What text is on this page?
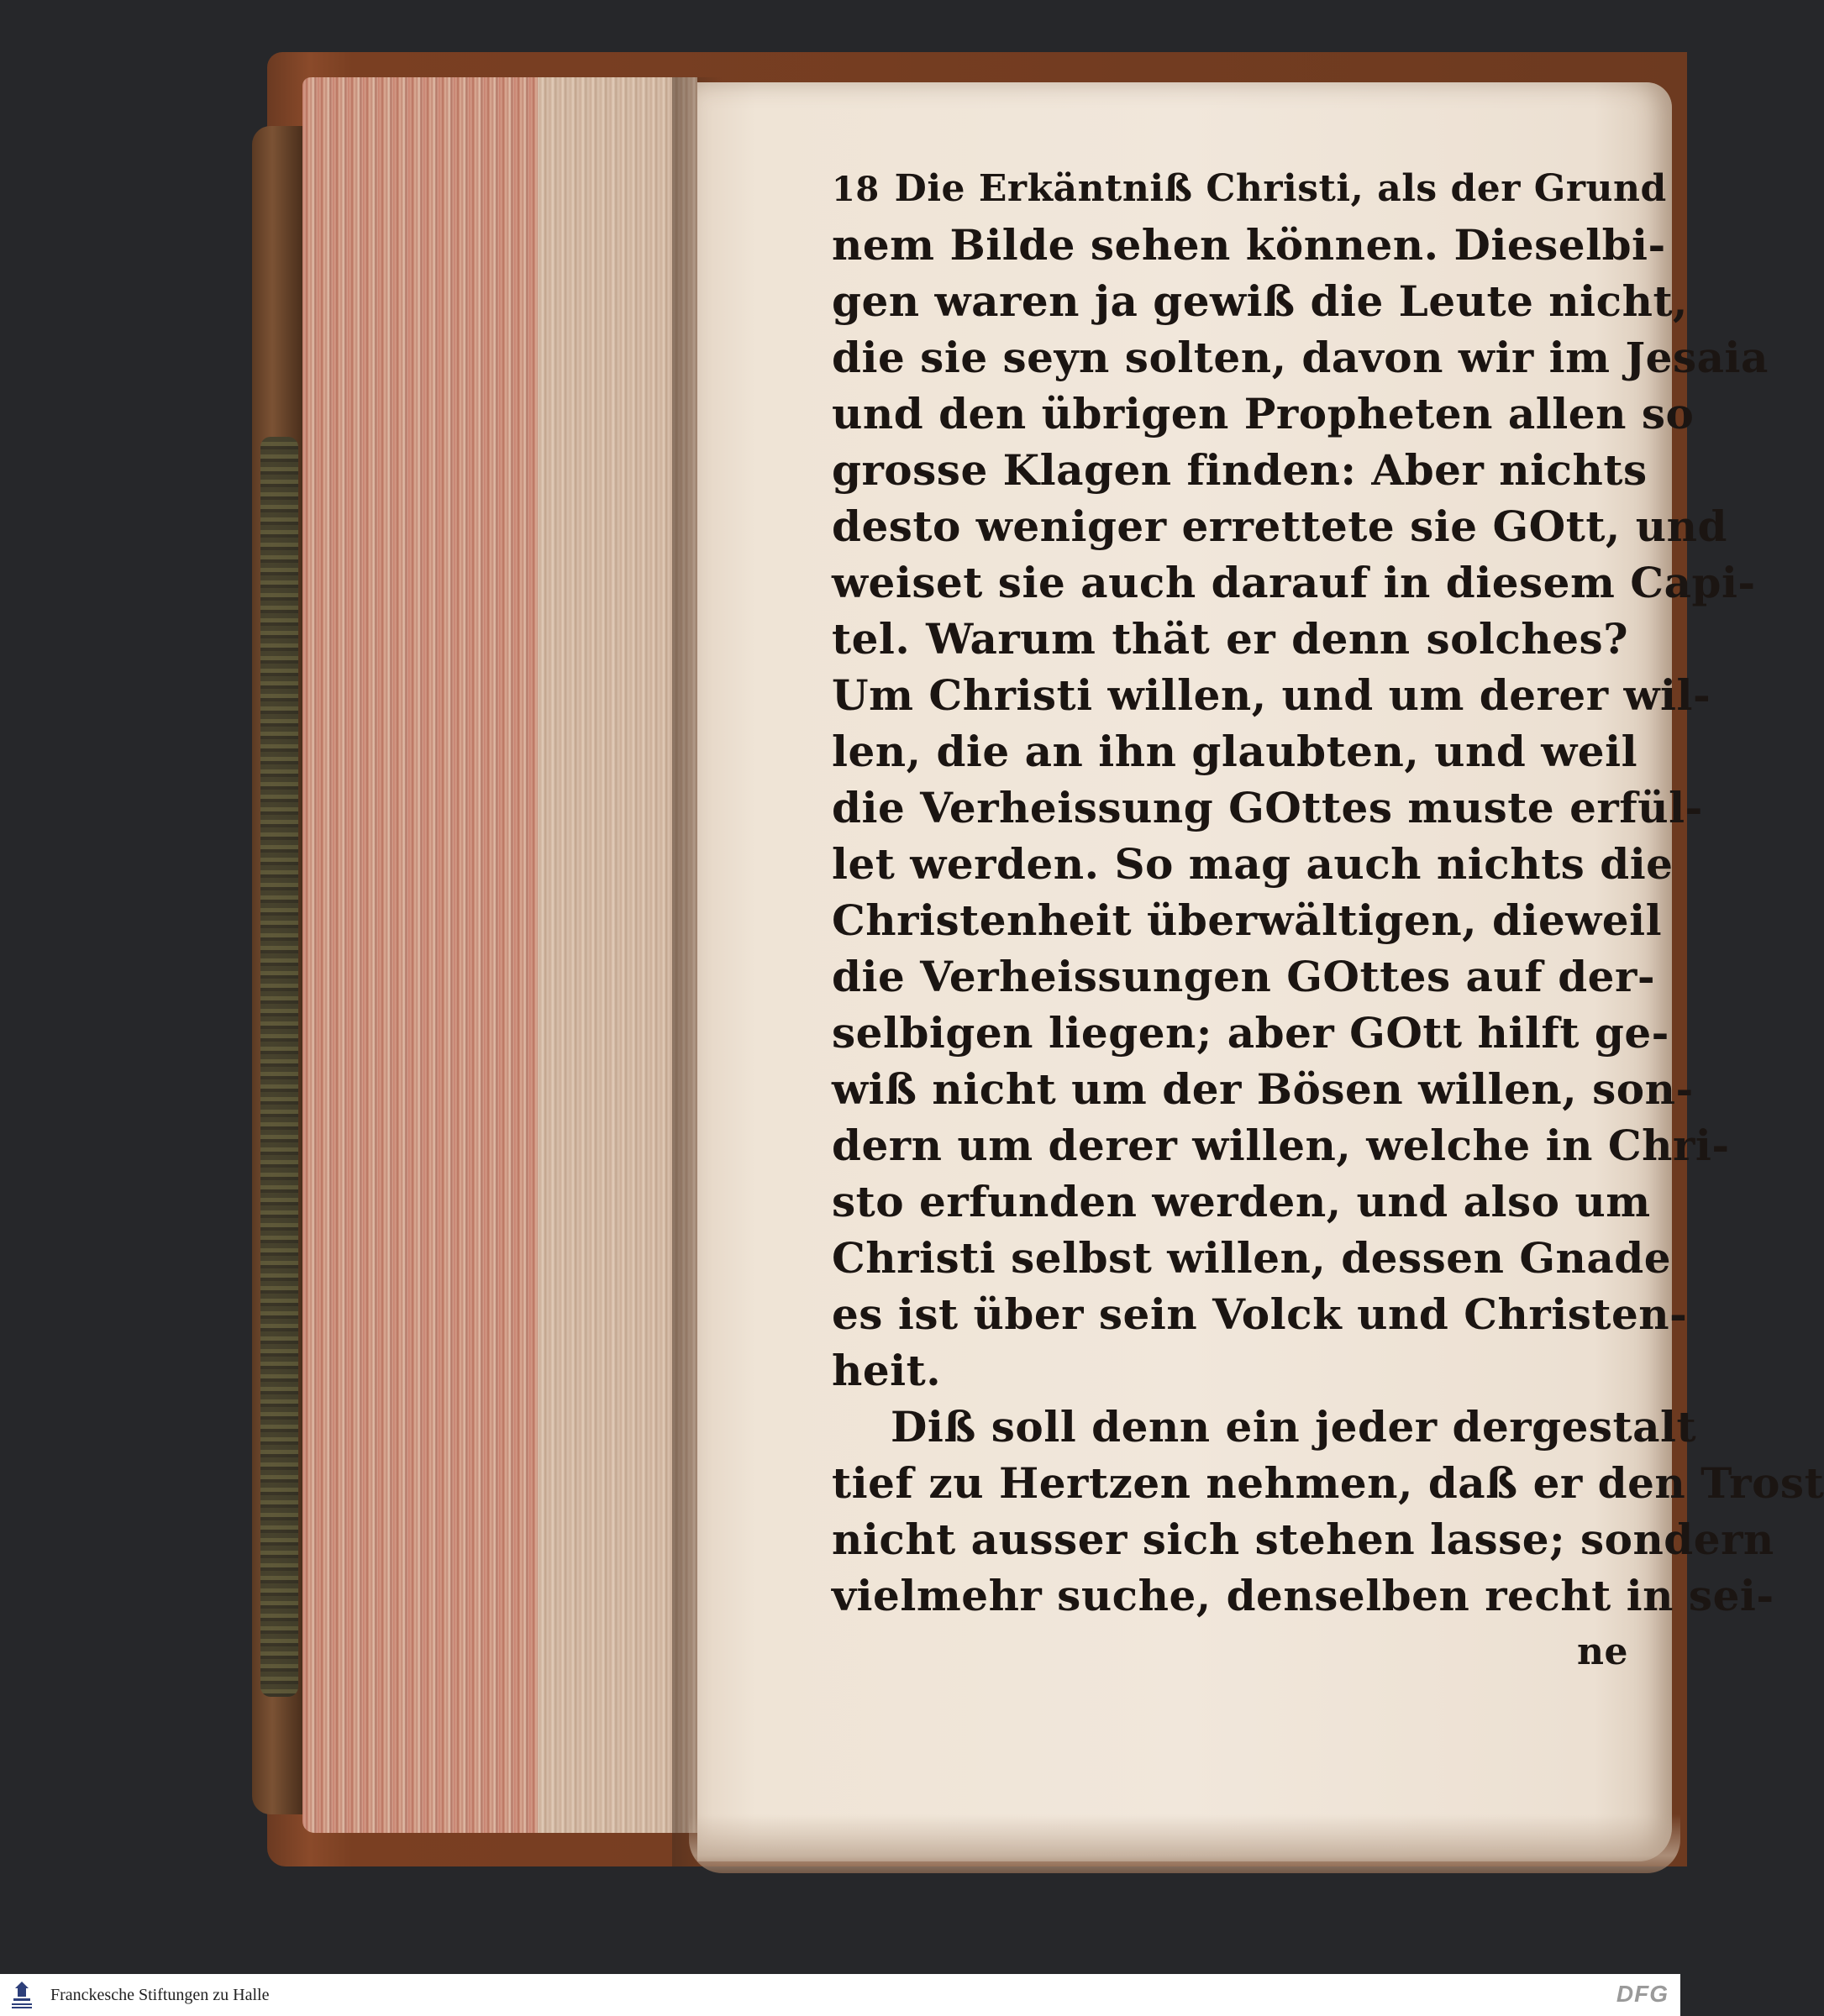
18 Die Erkäntniß Christi, als der Grund
nem Bilde sehen können. Dieselbi-
gen waren ja gewiß die Leute nicht,
die sie seyn solten, davon wir im Jesaia
und den übrigen Propheten allen so
grosse Klagen finden: Aber nichts
desto weniger errettete sie GOtt, und
weiset sie auch darauf in diesem Capi-
tel. Warum thät er denn solches?
Um Christi willen, und um derer wil-
len, die an ihn glaubten, und weil
die Verheissung GOttes muste erfül-
let werden. So mag auch nichts die
Christenheit überwältigen, dieweil
die Verheissungen GOttes auf der-
selbigen liegen; aber GOtt hilft ge-
wiß nicht um der Bösen willen, son-
dern um derer willen, welche in Chri-
sto erfunden werden, und also um
Christi selbst willen, dessen Gnade
es ist über sein Volck und Christen-
heit.
Diß soll denn ein jeder dergestalt
tief zu Hertzen nehmen, daß er den Trost
nicht ausser sich stehen lasse; sondern
vielmehr suche, denselben recht in sei-
ne
Franckesche Stiftungen zu Halle	DFG
